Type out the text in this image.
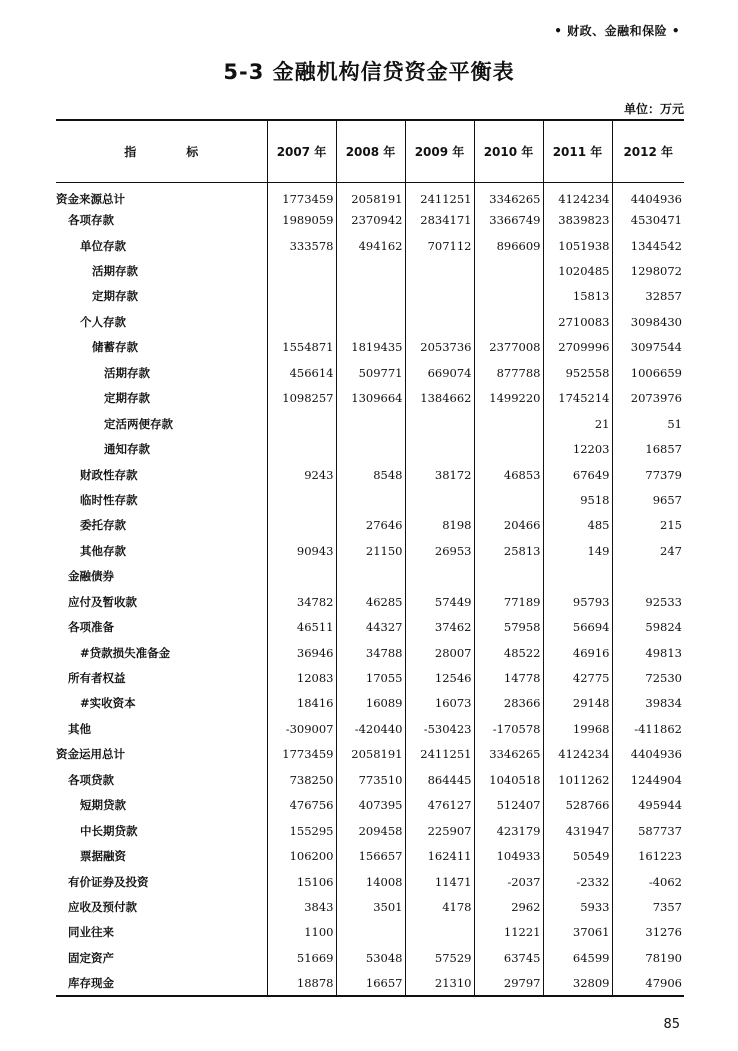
• 财政、金融和保险 •
5-3 金融机构信贷资金平衡表
单位：万元
指 标	2007 年	2008 年	2009 年	2010 年	2011 年	2012 年
资金来源总计	1773459	2058191	2411251	3346265	4124234	4404936
各项存款	1989059	2370942	2834171	3366749	3839823	4530471
单位存款	333578	494162	707112	896609	1051938	1344542
活期存款					1020485	1298072
定期存款					15813	32857
个人存款					2710083	3098430
储蓄存款	1554871	1819435	2053736	2377008	2709996	3097544
活期存款	456614	509771	669074	877788	952558	1006659
定期存款	1098257	1309664	1384662	1499220	1745214	2073976
定活两便存款					21	51
通知存款					12203	16857
财政性存款	9243	8548	38172	46853	67649	77379
临时性存款					9518	9657
委托存款		27646	8198	20466	485	215
其他存款	90943	21150	26953	25813	149	247
金融债券						
应付及暂收款	34782	46285	57449	77189	95793	92533
各项准备	46511	44327	37462	57958	56694	59824
#贷款损失准备金	36946	34788	28007	48522	46916	49813
所有者权益	12083	17055	12546	14778	42775	72530
#实收资本	18416	16089	16073	28366	29148	39834
其他	-309007	-420440	-530423	-170578	19968	-411862
资金运用总计	1773459	2058191	2411251	3346265	4124234	4404936
各项贷款	738250	773510	864445	1040518	1011262	1244904
短期贷款	476756	407395	476127	512407	528766	495944
中长期贷款	155295	209458	225907	423179	431947	587737
票据融资	106200	156657	162411	104933	50549	161223
有价证券及投资	15106	14008	11471	-2037	-2332	-4062
应收及预付款	3843	3501	4178	2962	5933	7357
同业往来	1100			11221	37061	31276
固定资产	51669	53048	57529	63745	64599	78190
库存现金	18878	16657	21310	29797	32809	47906
85
